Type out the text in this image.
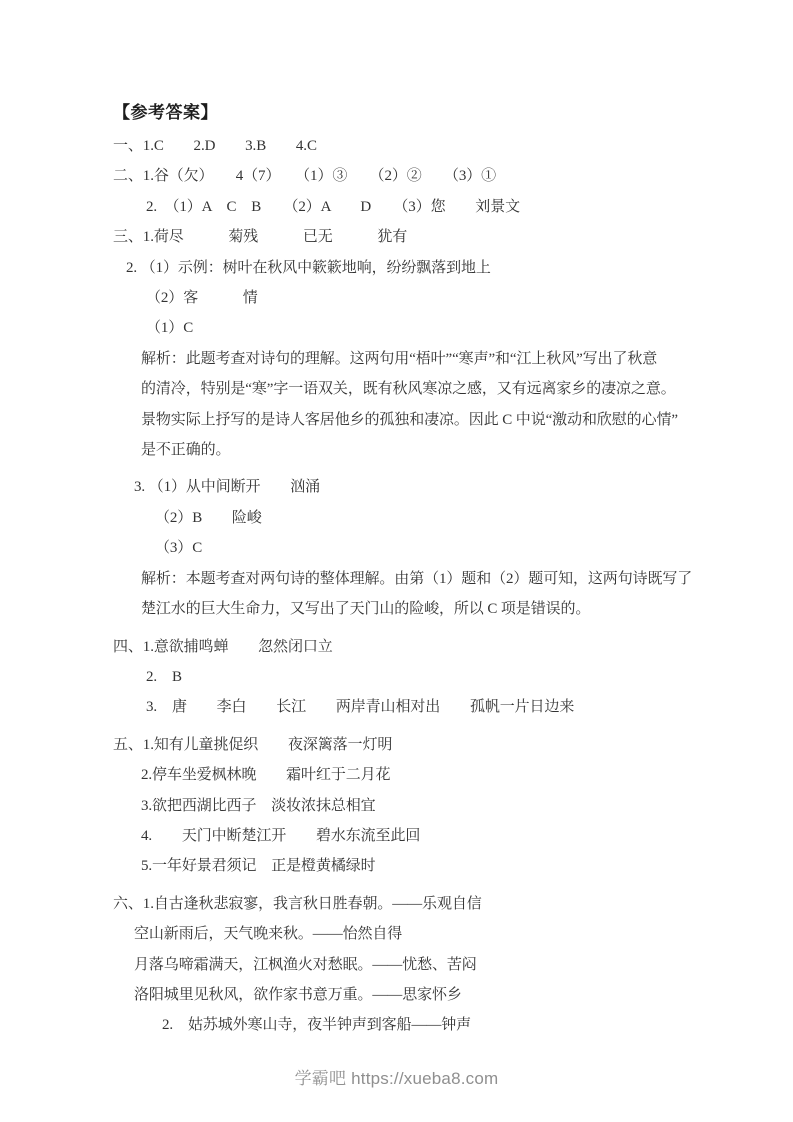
【参考答案】
一、1.C　　2.D　　3.B　　4.C
二、1.谷（欠）　　4（7）　　（1）③　　（2）②　　（3）①
2.　（1）A　C　B　　（2）A　　D　　（3）您　　刘景文
三、1.荷尽　　　菊残　　　已无　　　犹有
2. （1）示例：树叶在秋风中簌簌地响，纷纷飘落到地上
（2）客　　　情
（1）C
解析：此题考查对诗句的理解。这两句用“梧叶”“寒声”和“江上秋风”写出了秋意
的清冷，特别是“寒”字一语双关，既有秋风寒凉之感，又有远离家乡的凄凉之意。
景物实际上抒写的是诗人客居他乡的孤独和凄凉。因此 C 中说“激动和欣慰的心情”
是不正确的。
3. （1）从中间断开　　汹涌
（2）B　　险峻
（3）C
解析：本题考查对两句诗的整体理解。由第（1）题和（2）题可知，这两句诗既写了
楚江水的巨大生命力，又写出了天门山的险峻，所以 C 项是错误的。
四、1.意欲捕鸣蝉　　忽然闭口立
2.　B
3.　唐　　李白　　长江　　两岸青山相对出　　孤帆一片日边来
五、1.知有儿童挑促织　　夜深篱落一灯明
2.停车坐爱枫林晚　　霜叶红于二月花
3.欲把西湖比西子　淡妆浓抹总相宜
4.　　天门中断楚江开　　碧水东流至此回
5.一年好景君须记　正是橙黄橘绿时
六、1.自古逢秋悲寂寥，我言秋日胜春朝。——乐观自信
空山新雨后，天气晚来秋。——怡然自得
月落乌啼霜满天，江枫渔火对愁眠。——忧愁、苦闷
洛阳城里见秋风，欲作家书意万重。——思家怀乡
2.　姑苏城外寒山寺，夜半钟声到客船——钟声
学霸吧 https://xueba8.com
